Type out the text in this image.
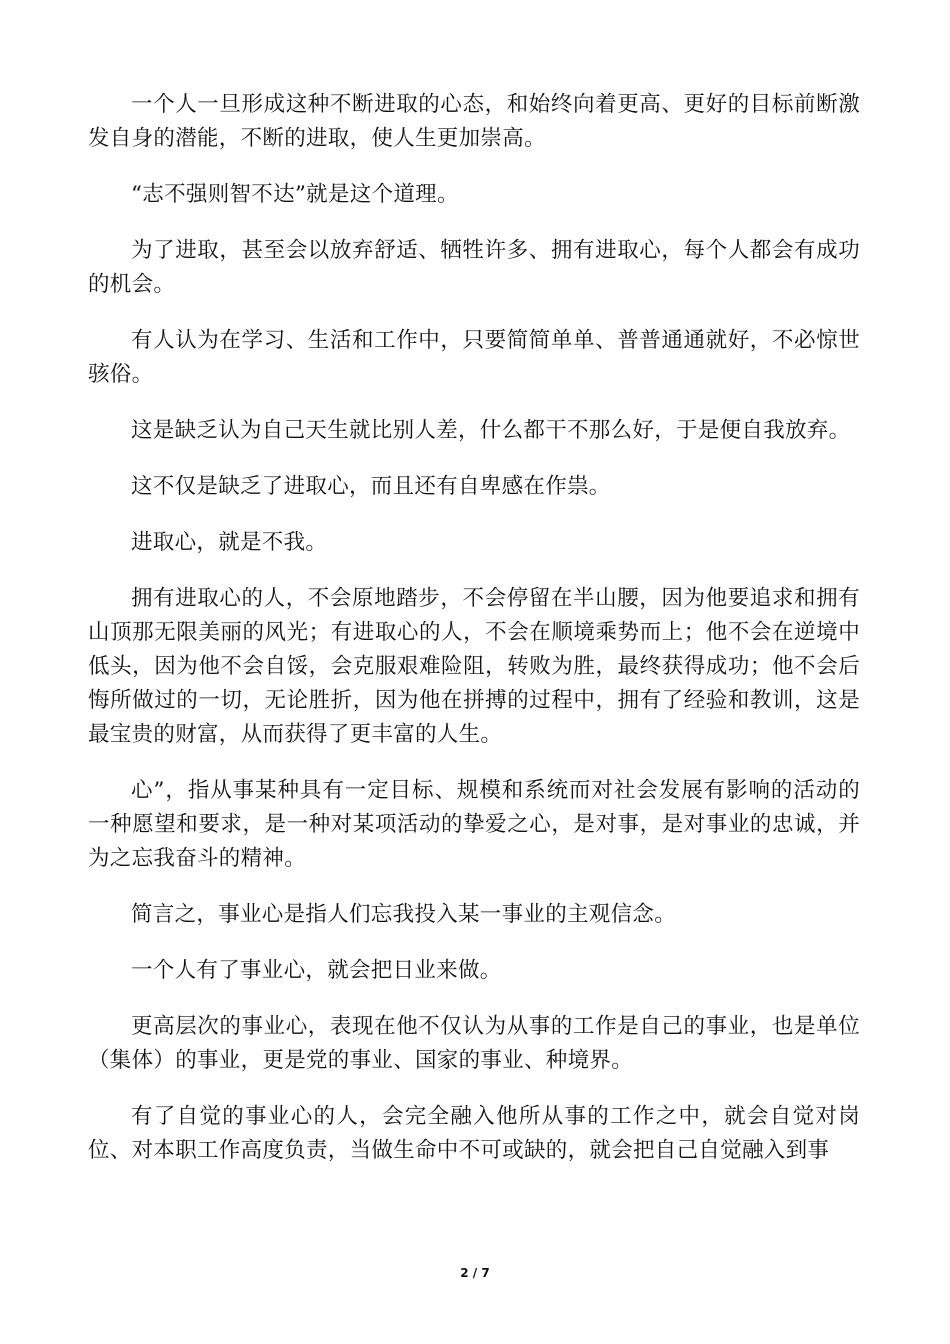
一个人一旦形成这种不断进取的心态，和始终向着更高、更好的目标前断激发自身的潜能，不断的进取，使人生更加崇高。

“志不强则智不达”就是这个道理。

为了进取，甚至会以放弃舒适、牺牲许多、拥有进取心，每个人都会有成功的机会。

有人认为在学习、生活和工作中，只要简简单单、普普通通就好，不必惊世骇俗。

这是缺乏认为自己天生就比别人差，什么都干不那么好，于是便自我放弃。

这不仅是缺乏了进取心，而且还有自卑感在作祟。

进取心，就是不我。

拥有进取心的人，不会原地踏步，不会停留在半山腰，因为他要追求和拥有山顶那无限美丽的风光；有进取心的人，不会在顺境乘势而上；他不会在逆境中低头，因为他不会自馁，会克服艰难险阻，转败为胜，最终获得成功；他不会后悔所做过的一切，无论胜折，因为他在拼搏的过程中，拥有了经验和教训，这是最宝贵的财富，从而获得了更丰富的人生。

心”，指从事某种具有一定目标、规模和系统而对社会发展有影响的活动的一种愿望和要求，是一种对某项活动的挚爱之心，是对事，是对事业的忠诚，并为之忘我奋斗的精神。

简言之，事业心是指人们忘我投入某一事业的主观信念。

一个人有了事业心，就会把日业来做。

更高层次的事业心，表现在他不仅认为从事的工作是自己的事业，也是单位（集体）的事业，更是党的事业、国家的事业、种境界。

有了自觉的事业心的人，会完全融入他所从事的工作之中，就会自觉对岗位、对本职工作高度负责，当做生命中不可或缺的，就会把自己自觉融入到事

2 / 7
